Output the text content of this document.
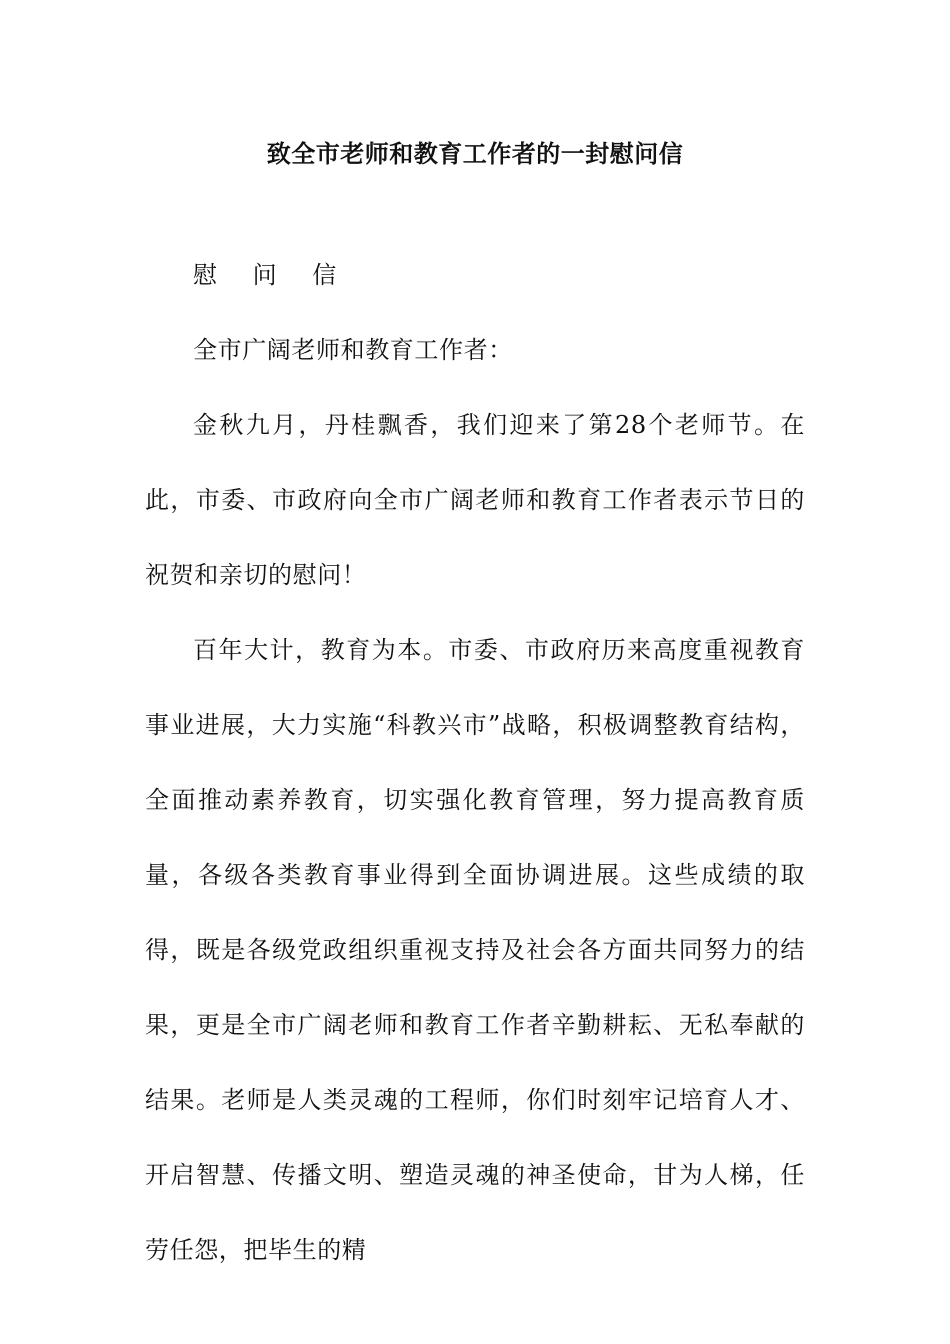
致全市老师和教育工作者的一封慰问信

慰 问 信

全市广阔老师和教育工作者：

金秋九月，丹桂飘香，我们迎来了第28个老师节。在此，市委、市政府向全市广阔老师和教育工作者表示节日的祝贺和亲切的慰问！

百年大计，教育为本。市委、市政府历来高度重视教育事业进展，大力实施“科教兴市”战略，积极调整教育结构，全面推动素养教育，切实强化教育管理，努力提高教育质量，各级各类教育事业得到全面协调进展。这些成绩的取得，既是各级党政组织重视支持及社会各方面共同努力的结果，更是全市广阔老师和教育工作者辛勤耕耘、无私奉献的结果。老师是人类灵魂的工程师，你们时刻牢记培育人才、开启智慧、传播文明、塑造灵魂的神圣使命，甘为人梯，任劳任怨，把毕生的精
